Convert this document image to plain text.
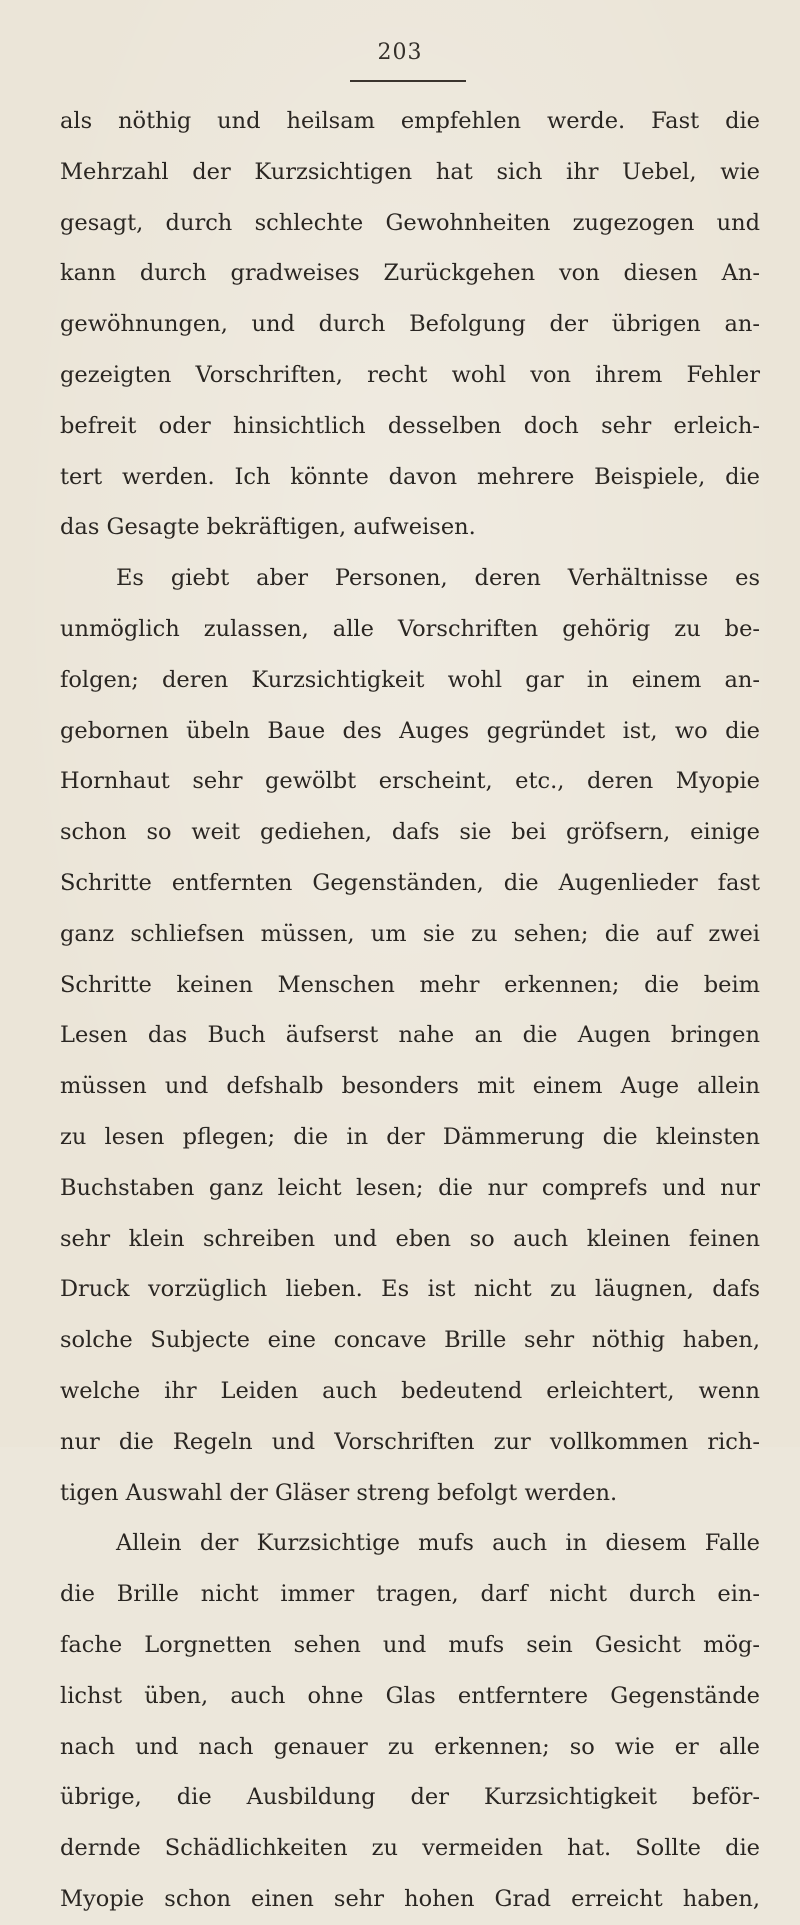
203
als nöthig und heilsam empfehlen werde. Fast die
Mehrzahl der Kurzsichtigen hat sich ihr Uebel, wie
gesagt, durch schlechte Gewohnheiten zugezogen und
kann durch gradweises Zurückgehen von diesen An-
gewöhnungen, und durch Befolgung der übrigen an-
gezeigten Vorschriften, recht wohl von ihrem Fehler
befreit oder hinsichtlich desselben doch sehr erleich-
tert werden. Ich könnte davon mehrere Beispiele, die
das Gesagte bekräftigen, aufweisen.
Es giebt aber Personen, deren Verhältnisse es
unmöglich zulassen, alle Vorschriften gehörig zu be-
folgen; deren Kurzsichtigkeit wohl gar in einem an-
gebornen übeln Baue des Auges gegründet ist, wo die
Hornhaut sehr gewölbt erscheint, etc., deren Myopie
schon so weit gediehen, dafs sie bei gröfsern, einige
Schritte entfernten Gegenständen, die Augenlieder fast
ganz schliefsen müssen, um sie zu sehen; die auf zwei
Schritte keinen Menschen mehr erkennen; die beim
Lesen das Buch äufserst nahe an die Augen bringen
müssen und defshalb besonders mit einem Auge allein
zu lesen pflegen; die in der Dämmerung die kleinsten
Buchstaben ganz leicht lesen; die nur comprefs und nur
sehr klein schreiben und eben so auch kleinen feinen
Druck vorzüglich lieben. Es ist nicht zu läugnen, dafs
solche Subjecte eine concave Brille sehr nöthig haben,
welche ihr Leiden auch bedeutend erleichtert, wenn
nur die Regeln und Vorschriften zur vollkommen rich-
tigen Auswahl der Gläser streng befolgt werden.
Allein der Kurzsichtige mufs auch in diesem Falle
die Brille nicht immer tragen, darf nicht durch ein-
fache Lorgnetten sehen und mufs sein Gesicht mög-
lichst üben, auch ohne Glas entferntere Gegenstände
nach und nach genauer zu erkennen; so wie er alle
übrige, die Ausbildung der Kurzsichtigkeit beför-
dernde Schädlichkeiten zu vermeiden hat. Sollte die
Myopie schon einen sehr hohen Grad erreicht haben,
